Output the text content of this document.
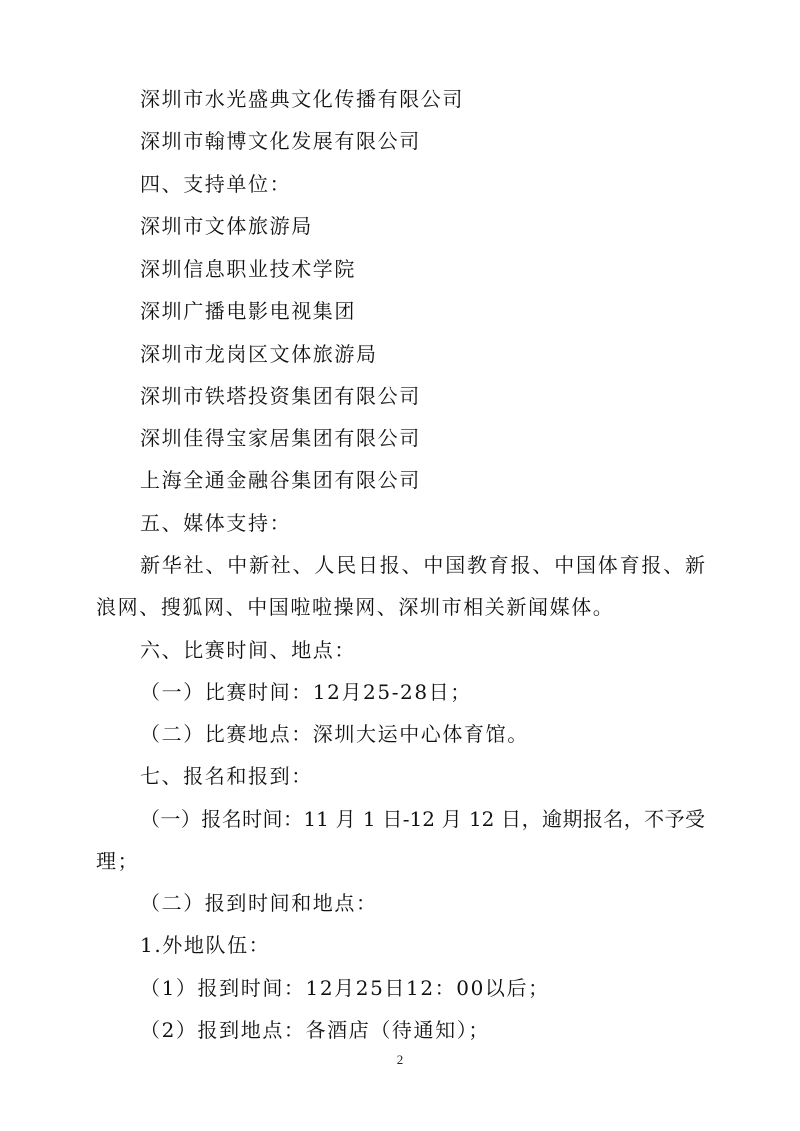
深圳市水光盛典文化传播有限公司
深圳市翰博文化发展有限公司
四、支持单位：
深圳市文体旅游局
深圳信息职业技术学院
深圳广播电影电视集团
深圳市龙岗区文体旅游局
深圳市铁塔投资集团有限公司
深圳佳得宝家居集团有限公司
上海全通金融谷集团有限公司
五、媒体支持：
新华社、中新社、人民日报、中国教育报、中国体育报、新
浪网、搜狐网、中国啦啦操网、深圳市相关新闻媒体。
六、比赛时间、地点：
（一）比赛时间：12月25-28日；
（二）比赛地点：深圳大运中心体育馆。
七、报名和报到：
（一）报名时间：11 月 1 日-12 月 12 日，逾期报名，不予受
理；
（二）报到时间和地点：
1.外地队伍：
（1）报到时间：12月25日12：00以后；
（2）报到地点：各酒店（待通知）；
2
